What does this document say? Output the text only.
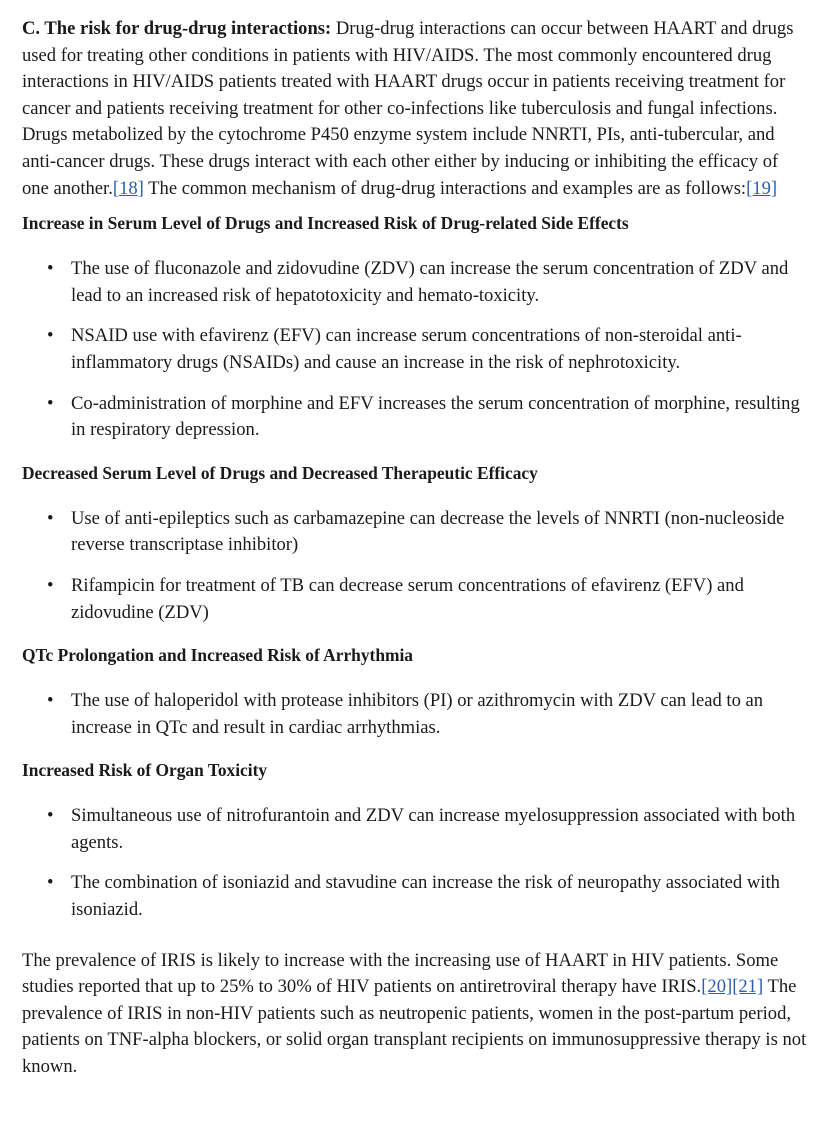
C. The risk for drug-drug interactions: Drug-drug interactions can occur between HAART and drugs used for treating other conditions in patients with HIV/AIDS. The most commonly encountered drug interactions in HIV/AIDS patients treated with HAART drugs occur in patients receiving treatment for cancer and patients receiving treatment for other co-infections like tuberculosis and fungal infections. Drugs metabolized by the cytochrome P450 enzyme system include NNRTI, PIs, anti-tubercular, and anti-cancer drugs. These drugs interact with each other either by inducing or inhibiting the efficacy of one another.[18] The common mechanism of drug-drug interactions and examples are as follows:[19]

Increase in Serum Level of Drugs and Increased Risk of Drug-related Side Effects
• The use of fluconazole and zidovudine (ZDV) can increase the serum concentration of ZDV and lead to an increased risk of hepatotoxicity and hemato-toxicity.
• NSAID use with efavirenz (EFV) can increase serum concentrations of non-steroidal anti-inflammatory drugs (NSAIDs) and cause an increase in the risk of nephrotoxicity.
• Co-administration of morphine and EFV increases the serum concentration of morphine, resulting in respiratory depression.
Decreased Serum Level of Drugs and Decreased Therapeutic Efficacy
• Use of anti-epileptics such as carbamazepine can decrease the levels of NNRTI (non-nucleoside reverse transcriptase inhibitor)
• Rifampicin for treatment of TB can decrease serum concentrations of efavirenz (EFV) and zidovudine (ZDV)
QTc Prolongation and Increased Risk of Arrhythmia
• The use of haloperidol with protease inhibitors (PI) or azithromycin with ZDV can lead to an increase in QTc and result in cardiac arrhythmias.
Increased Risk of Organ Toxicity
• Simultaneous use of nitrofurantoin and ZDV can increase myelosuppression associated with both agents.
• The combination of isoniazid and stavudine can increase the risk of neuropathy associated with isoniazid.

The prevalence of IRIS is likely to increase with the increasing use of HAART in HIV patients. Some studies reported that up to 25% to 30% of HIV patients on antiretroviral therapy have IRIS.[20][21] The prevalence of IRIS in non-HIV patients such as neutropenic patients, women in the post-partum period, patients on TNF-alpha blockers, or solid organ transplant recipients on immunosuppressive therapy is not known.
